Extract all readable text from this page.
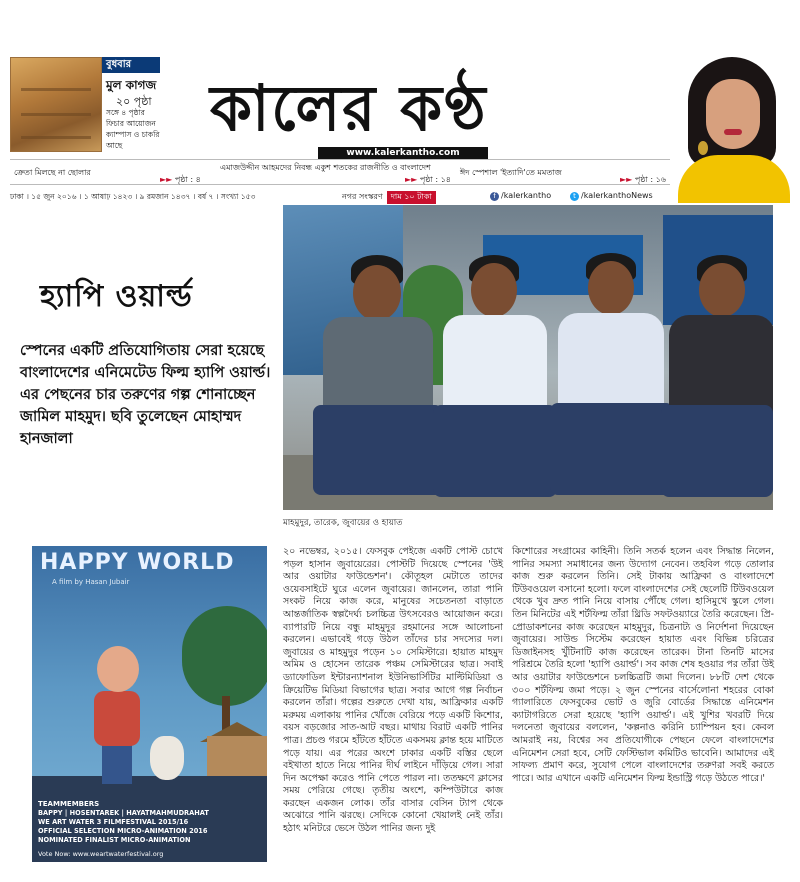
বুধবার
মুল কাগজ
২০ পৃষ্ঠা
সঙ্গে ৪ পৃষ্ঠার ফিচার আয়োজন ক্যাম্পাস ও চাকরি আছে	কালের কণ্ঠ
www.kalerkantho.com
ক্রেতা মিলছে না ছোলার
►► পৃষ্ঠা : ৪
এমাজউদ্দীন আহমদের নিবন্ধ একুশ শতকের রাজনীতি ও বাংলাদেশ
►► পৃষ্ঠা : ১৪
ঈদ স্পেশাল 'ইত্যাদি'তে মমতাজ
►► পৃষ্ঠা : ১৬
ঢাকা । ১৫ জুন ২০১৬ । ১ আষাঢ় ১৪২৩ । ৯ রমজান ১৪৩৭ । বর্ষ ৭ । সংখ্যা ১৫৩	নগর সংস্করণ দাম ১০ টাকা	f /kalerkantho	t /kalerkanthoNews
হ্যাপি ওয়ার্ল্ড
স্পেনের একটি প্রতিযোগিতায় সেরা হয়েছে বাংলাদেশের এনিমেটেড ফিল্ম হ্যাপি ওয়ার্ল্ড। এর পেছনের চার তরুণের গল্প শোনাচ্ছেন জামিল মাহমুদ। ছবি তুলেছেন মোহাম্মদ হানজালা
মাহমুদুর, তারেক, জুবায়ের ও হায়াত
HAPPY WORLD
A film by Hasan Jubair
TEAMMEMBERS
BAPPY | HOSENTAREK | HAYATMAHMUDRAHAT
WE ART WATER 3 FILMFESTIVAL 2015/16
OFFICIAL SELECTION MICRO-ANIMATION 2016
NOMINATED FINALIST MICRO-ANIMATION
Vote Now: www.weartwaterfestival.org

২০ নভেম্বর, ২০১৫। ফেসবুক পেইজে একটি পোস্ট চোখে পড়ল হাসান জুবায়েরের। পোস্টটি দিয়েছে স্পেনের 'উই আর ওয়াটার ফাউন্ডেশন'। কৌতূহল মেটাতে তাদের ওয়েবসাইটে ঘুরে এলেন জুবায়ের। জানলেন, তারা পানি সংকট নিয়ে কাজ করে, মানুষের সচেতনতা বাড়াতে আন্তর্জাতিক স্বল্পদৈর্ঘ্য চলচ্চিত্র উৎসবেরও আয়োজন করে। ব্যাপারটি নিয়ে বন্ধু মাহমুদুর রহমানের সঙ্গে আলোচনা করলেন। এভাবেই গড়ে উঠল তাঁদের চার সদস্যের দল। জুবায়ের ও মাহমুদুর পড়েন ১০ সেমিস্টারে। হায়াত মাহমুদ অমিম ও হোসেন তারেক পঞ্চম সেমিস্টারের ছাত্র। সবাই ড্যাফোডিল ইন্টারন্যাশনাল ইউনিভার্সিটির মাল্টিমিডিয়া ও ক্রিয়েটিভ মিডিয়া বিভাগের ছাত্র। সবার আগে গল্প নির্বাচন করলেন তাঁরা। গল্পের শুরুতে দেখা যায়, আফ্রিকার একটি মরুময় এলাকায় পানির খোঁজে বেরিয়ে পড়ে একটি কিশোর, বয়স বড়জোর সাত-আট বছর। মাথায় বিরাট একটি পানির পাত্র। প্রচণ্ড গরমে হাঁটতে হাঁটতে একসময় ক্লান্ত হয়ে মাটিতে পড়ে যায়। এর পরের অংশে ঢাকার একটি বস্তির ছেলে বইখাতা হাতে নিয়ে পানির দীর্ঘ লাইনে দাঁড়িয়ে গেল। সারা দিন অপেক্ষা করেও পানি পেতে পারল না। ততক্ষণে ক্লাসের সময় পেরিয়ে গেছে। তৃতীয় অংশে, কম্পিউটারে কাজ করছেন একজন লোক। তাঁর বাসার বেসিন ট্যাপ থেকে অঝোরে পানি ঝরছে। সেদিকে কোনো খেয়ালই নেই তাঁর। হঠাৎ মনিটরে ভেসে উঠল পানির জন্য দুই

কিশোরের সংগ্রামের কাহিনী। তিনি সতর্ক হলেন এবং সিদ্ধান্ত নিলেন, পানির সমস্যা সমাধানের জন্য উদ্যোগ নেবেন। তহবিল গড়ে তোলার কাজ শুরু করলেন তিনি। সেই টাকায় আফ্রিকা ও বাংলাদেশে টিউবওয়েল বসানো হলো। ফলে বাংলাদেশের সেই ছেলেটি টিউবওয়েল থেকে খুব দ্রুত পানি নিয়ে বাসায় পৌঁছে গেল। হাসিমুখে স্কুলে গেল। তিন মিনিটের এই শর্টফিল্ম তাঁরা থ্রিডি সফটওয়্যারে তৈরি করেছেন। প্রি-প্রোডাকশনের কাজ করেছেন মাহমুদুর, চিত্রনাট্য ও নির্দেশনা দিয়েছেন জুবায়ের। সাউন্ড সিস্টেম করেছেন হায়াত এবং বিভিন্ন চরিত্রের ডিজাইনসহ খুঁটিনাটি কাজ করেছেন তারেক। টানা তিনটি মাসের পরিশ্রমে তৈরি হলো 'হ্যাপি ওয়ার্ল্ড'। সব কাজ শেষ হওয়ার পর তাঁরা উই আর ওয়াটার ফাউন্ডেশনে চলচ্চিত্রটি জমা দিলেন। ৮৮টি দেশ থেকে ৩০০ শর্টফিল্ম জমা পড়ে। ২ জুন স্পেনের বার্সেলোনা শহরের বোকা গ্যালারিতে ফেসবুকের ভোট ও জুরি বোর্ডের সিদ্ধান্তে এনিমেশন ক্যাটাগরিতে সেরা হয়েছে 'হ্যাপি ওয়ার্ল্ড'। এই খুশির খবরটি দিয়ে দলনেতা জুবায়ের বললেন, 'কল্পনাও করিনি চ্যাম্পিয়ন হব। কেবল আমরাই নয়, বিশ্বের সব প্রতিযোগীকে পেছনে ফেলে বাংলাদেশের এনিমেশন সেরা হবে, সেটি ফেস্টিভাল কমিটিও ভাবেনি। আমাদের এই সাফল্য প্রমাণ করে, সুযোগ পেলে বাংলাদেশের তরুণরা সবই করতে পারে। আর এখানে একটি এনিমেশন ফিল্ম ইন্ডাস্ট্রি গড়ে উঠতে পারে।'
